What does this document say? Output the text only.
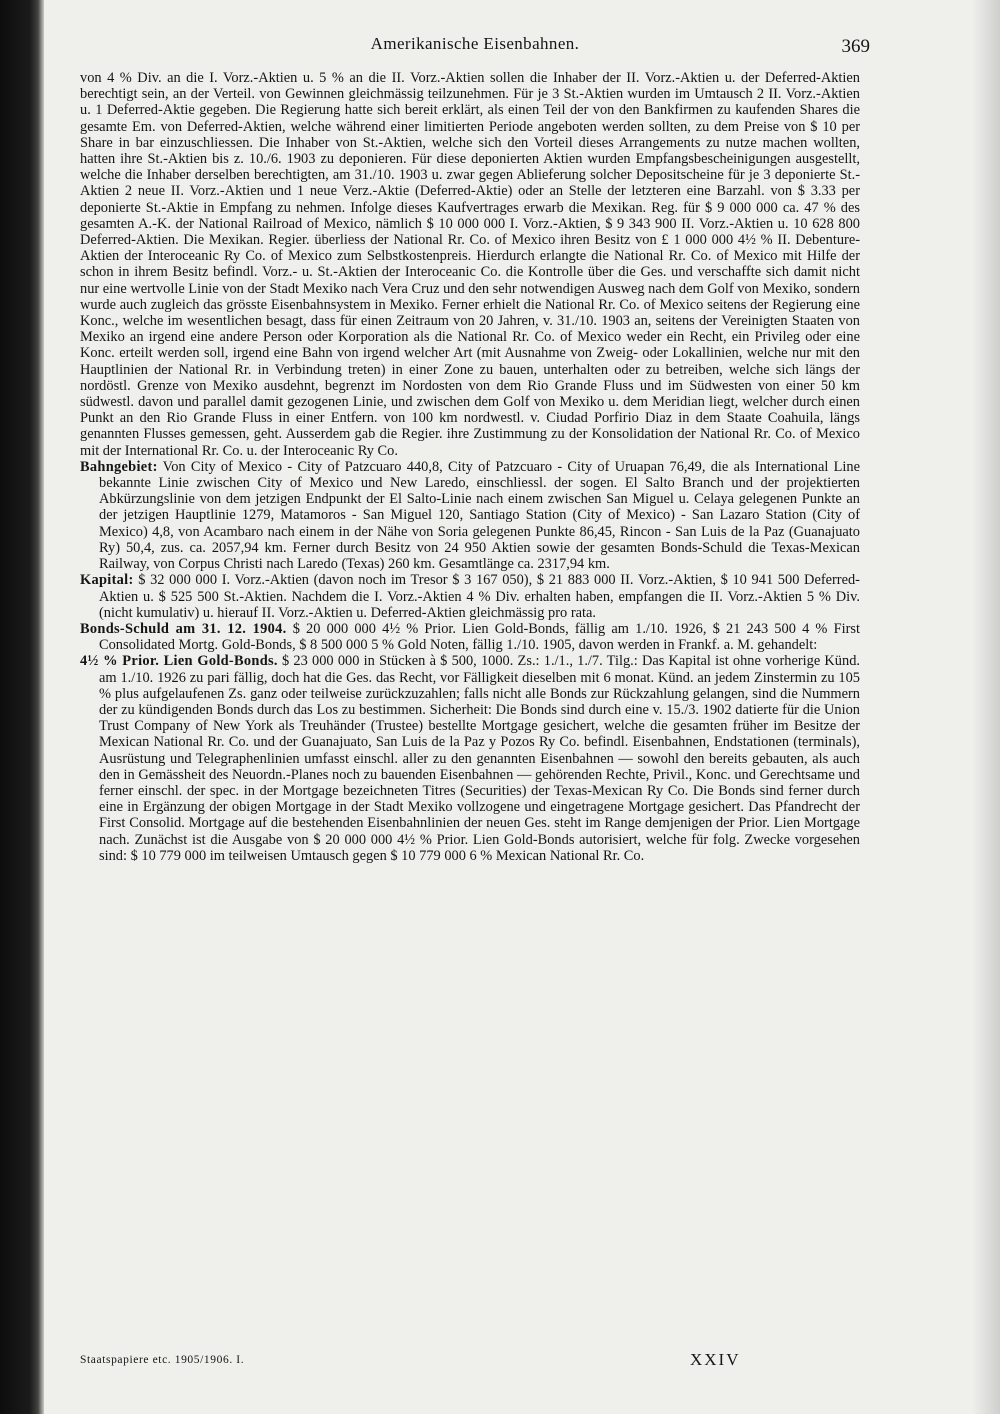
Amerikanische Eisenbahnen.	369

von 4 % Div. an die I. Vorz.-Aktien u. 5 % an die II. Vorz.-Aktien sollen die Inhaber der II. Vorz.-Aktien u. der Deferred-Aktien berechtigt sein, an der Verteil. von Gewinnen gleichmässig teilzunehmen. Für je 3 St.-Aktien wurden im Umtausch 2 II. Vorz.-Aktien u. 1 Deferred-Aktie gegeben. Die Regierung hatte sich bereit erklärt, als einen Teil der von den Bankfirmen zu kaufenden Shares die gesamte Em. von Deferred-Aktien, welche während einer limitierten Periode angeboten werden sollten, zu dem Preise von $ 10 per Share in bar einzuschliessen. Die Inhaber von St.-Aktien, welche sich den Vorteil dieses Arrangements zu nutze machen wollten, hatten ihre St.-Aktien bis z. 10./6. 1903 zu deponieren. Für diese deponierten Aktien wurden Empfangsbescheinigungen ausgestellt, welche die Inhaber derselben berechtigten, am 31./10. 1903 u. zwar gegen Ablieferung solcher Depositscheine für je 3 deponierte St.-Aktien 2 neue II. Vorz.-Aktien und 1 neue Verz.-Aktie (Deferred-Aktie) oder an Stelle der letzteren eine Barzahl. von $ 3.33 per deponierte St.-Aktie in Empfang zu nehmen. Infolge dieses Kaufvertrages erwarb die Mexikan. Reg. für $ 9 000 000 ca. 47 % des gesamten A.-K. der National Railroad of Mexico, nämlich $ 10 000 000 I. Vorz.-Aktien, $ 9 343 900 II. Vorz.-Aktien u. 10 628 800 Deferred-Aktien. Die Mexikan. Regier. überliess der National Rr. Co. of Mexico ihren Besitz von £ 1 000 000 4½ % II. Debenture-Aktien der Interoceanic Ry Co. of Mexico zum Selbstkostenpreis. Hierdurch erlangte die National Rr. Co. of Mexico mit Hilfe der schon in ihrem Besitz befindl. Vorz.- u. St.-Aktien der Interoceanic Co. die Kontrolle über die Ges. und verschaffte sich damit nicht nur eine wertvolle Linie von der Stadt Mexiko nach Vera Cruz und den sehr notwendigen Ausweg nach dem Golf von Mexiko, sondern wurde auch zugleich das grösste Eisenbahnsystem in Mexiko. Ferner erhielt die National Rr. Co. of Mexico seitens der Regierung eine Konc., welche im wesentlichen besagt, dass für einen Zeitraum von 20 Jahren, v. 31./10. 1903 an, seitens der Vereinigten Staaten von Mexiko an irgend eine andere Person oder Korporation als die National Rr. Co. of Mexico weder ein Recht, ein Privileg oder eine Konc. erteilt werden soll, irgend eine Bahn von irgend welcher Art (mit Ausnahme von Zweig- oder Lokallinien, welche nur mit den Hauptlinien der National Rr. in Verbindung treten) in einer Zone zu bauen, unterhalten oder zu betreiben, welche sich längs der nordöstl. Grenze von Mexiko ausdehnt, begrenzt im Nordosten von dem Rio Grande Fluss und im Südwesten von einer 50 km südwestl. davon und parallel damit gezogenen Linie, und zwischen dem Golf von Mexiko u. dem Meridian liegt, welcher durch einen Punkt an den Rio Grande Fluss in einer Entfern. von 100 km nordwestl. v. Ciudad Porfirio Diaz in dem Staate Coahuila, längs genannten Flusses gemessen, geht. Ausserdem gab die Regier. ihre Zustimmung zu der Konsolidation der National Rr. Co. of Mexico mit der International Rr. Co. u. der Interoceanic Ry Co.

Bahngebiet: Von City of Mexico - City of Patzcuaro 440,8, City of Patzcuaro - City of Uruapan 76,49, die als International Line bekannte Linie zwischen City of Mexico und New Laredo, einschliessl. der sogen. El Salto Branch und der projektierten Abkürzungslinie von dem jetzigen Endpunkt der El Salto-Linie nach einem zwischen San Miguel u. Celaya gelegenen Punkte an der jetzigen Hauptlinie 1279, Matamoros - San Miguel 120, Santiago Station (City of Mexico) - San Lazaro Station (City of Mexico) 4,8, von Acambaro nach einem in der Nähe von Soria gelegenen Punkte 86,45, Rincon - San Luis de la Paz (Guanajuato Ry) 50,4, zus. ca. 2057,94 km. Ferner durch Besitz von 24 950 Aktien sowie der gesamten Bonds-Schuld die Texas-Mexican Railway, von Corpus Christi nach Laredo (Texas) 260 km. Gesamtlänge ca. 2317,94 km.

Kapital: $ 32 000 000 I. Vorz.-Aktien (davon noch im Tresor $ 3 167 050), $ 21 883 000 II. Vorz.-Aktien, $ 10 941 500 Deferred-Aktien u. $ 525 500 St.-Aktien. Nachdem die I. Vorz.-Aktien 4 % Div. erhalten haben, empfangen die II. Vorz.-Aktien 5 % Div. (nicht kumulativ) u. hierauf II. Vorz.-Aktien u. Deferred-Aktien gleichmässig pro rata.

Bonds-Schuld am 31. 12. 1904. $ 20 000 000 4½ % Prior. Lien Gold-Bonds, fällig am 1./10. 1926, $ 21 243 500 4 % First Consolidated Mortg. Gold-Bonds, $ 8 500 000 5 % Gold Noten, fällig 1./10. 1905, davon werden in Frankf. a. M. gehandelt:

4½ % Prior. Lien Gold-Bonds. $ 23 000 000 in Stücken à $ 500, 1000. Zs.: 1./1., 1./7. Tilg.: Das Kapital ist ohne vorherige Künd. am 1./10. 1926 zu pari fällig, doch hat die Ges. das Recht, vor Fälligkeit dieselben mit 6 monat. Künd. an jedem Zinstermin zu 105 % plus aufgelaufenen Zs. ganz oder teilweise zurückzuzahlen; falls nicht alle Bonds zur Rückzahlung gelangen, sind die Nummern der zu kündigenden Bonds durch das Los zu bestimmen. Sicherheit: Die Bonds sind durch eine v. 15./3. 1902 datierte für die Union Trust Company of New York als Treuhänder (Trustee) bestellte Mortgage gesichert, welche die gesamten früher im Besitze der Mexican National Rr. Co. und der Guanajuato, San Luis de la Paz y Pozos Ry Co. befindl. Eisenbahnen, Endstationen (terminals), Ausrüstung und Telegraphenlinien umfasst einschl. aller zu den genannten Eisenbahnen — sowohl den bereits gebauten, als auch den in Gemässheit des Neuordn.-Planes noch zu bauenden Eisenbahnen — gehörenden Rechte, Privil., Konc. und Gerechtsame und ferner einschl. der spec. in der Mortgage bezeichneten Titres (Securities) der Texas-Mexican Ry Co. Die Bonds sind ferner durch eine in Ergänzung der obigen Mortgage in der Stadt Mexiko vollzogene und eingetragene Mortgage gesichert. Das Pfandrecht der First Consolid. Mortgage auf die bestehenden Eisenbahnlinien der neuen Ges. steht im Range demjenigen der Prior. Lien Mortgage nach. Zunächst ist die Ausgabe von $ 20 000 000 4½ % Prior. Lien Gold-Bonds autorisiert, welche für folg. Zwecke vorgesehen sind: $ 10 779 000 im teilweisen Umtausch gegen $ 10 779 000 6 % Mexican National Rr. Co.

Staatspapiere etc. 1905/1906. I.	XXIV
